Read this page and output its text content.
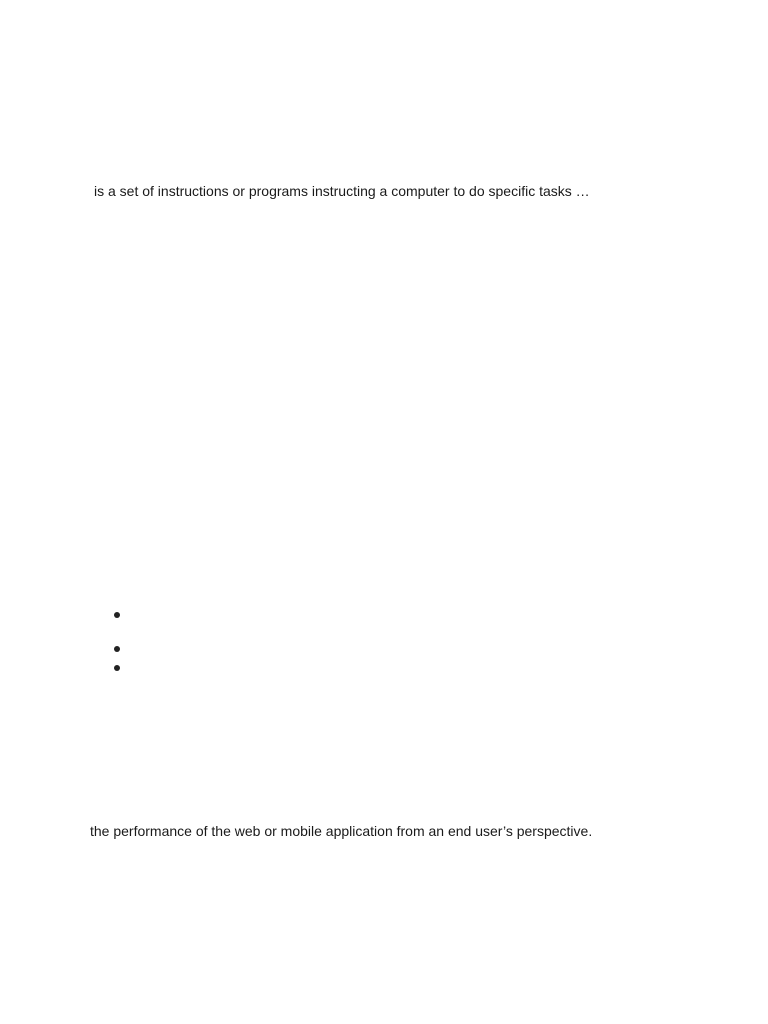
is a set of instructions or programs instructing a computer to do specific tasks …

the performance of the web or mobile application from an end user’s perspective.
